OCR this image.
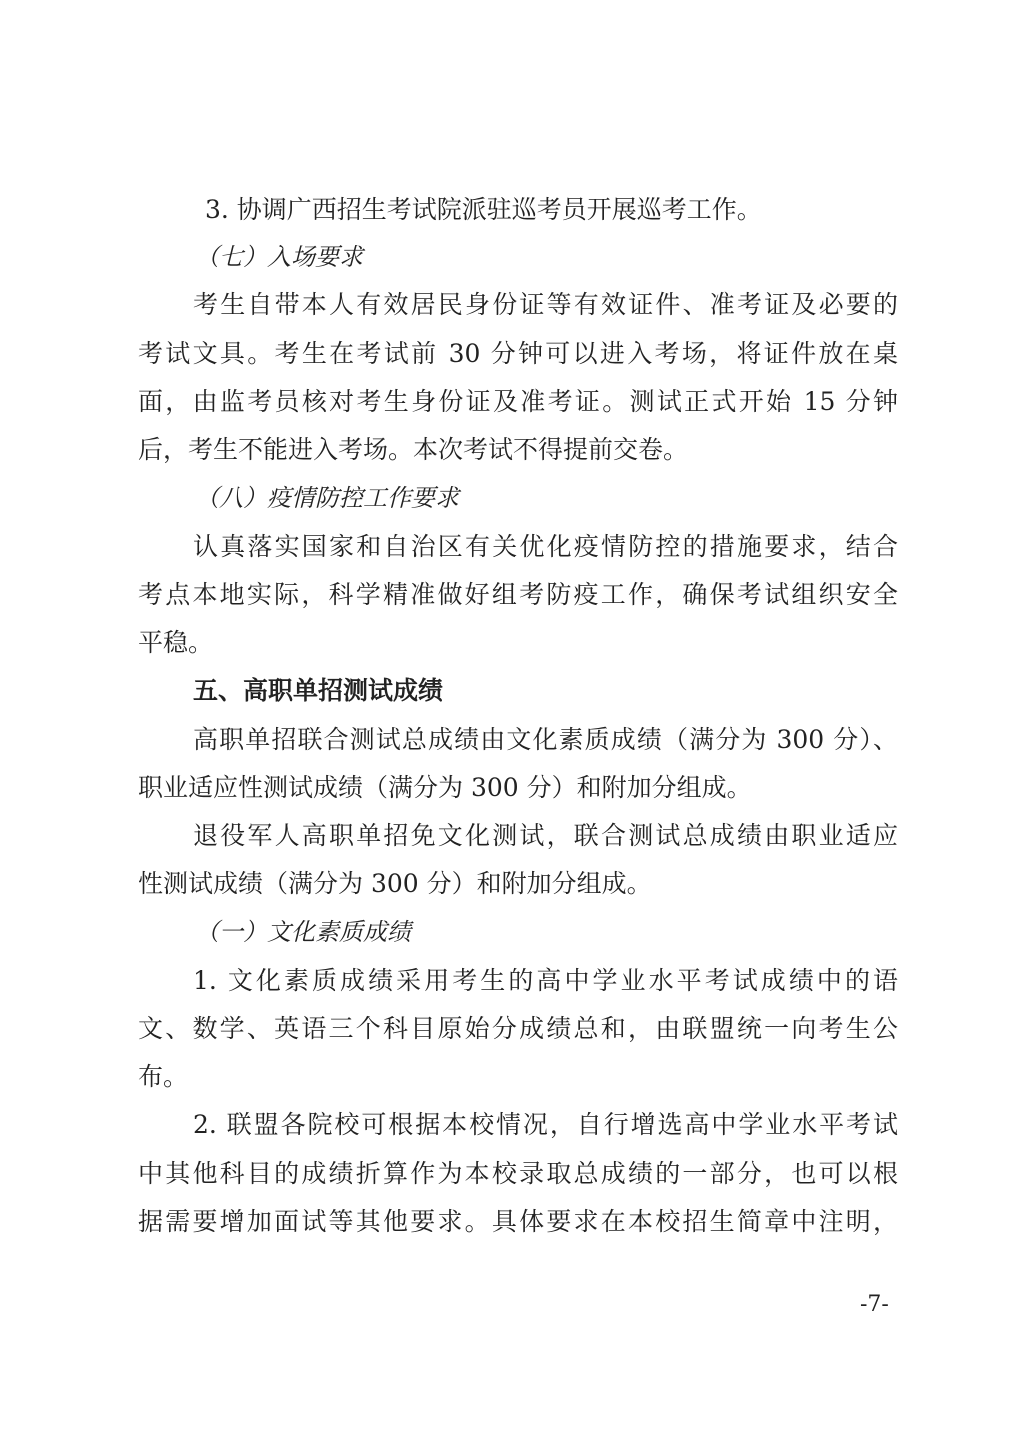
3. 协调广西招生考试院派驻巡考员开展巡考工作。
（七）入场要求
考生自带本人有效居民身份证等有效证件、准考证及必要的
考试文具。考生在考试前 30 分钟可以进入考场，将证件放在桌
面，由监考员核对考生身份证及准考证。测试正式开始 15 分钟
后，考生不能进入考场。本次考试不得提前交卷。
（八）疫情防控工作要求
认真落实国家和自治区有关优化疫情防控的措施要求，结合
考点本地实际，科学精准做好组考防疫工作，确保考试组织安全
平稳。
五、高职单招测试成绩
高职单招联合测试总成绩由文化素质成绩（满分为 300 分）、
职业适应性测试成绩（满分为 300 分）和附加分组成。
退役军人高职单招免文化测试，联合测试总成绩由职业适应
性测试成绩（满分为 300 分）和附加分组成。
（一）文化素质成绩
1. 文化素质成绩采用考生的高中学业水平考试成绩中的语
文、数学、英语三个科目原始分成绩总和，由联盟统一向考生公
布。
2. 联盟各院校可根据本校情况，自行增选高中学业水平考试
中其他科目的成绩折算作为本校录取总成绩的一部分，也可以根
据需要增加面试等其他要求。具体要求在本校招生简章中注明，
-7-
